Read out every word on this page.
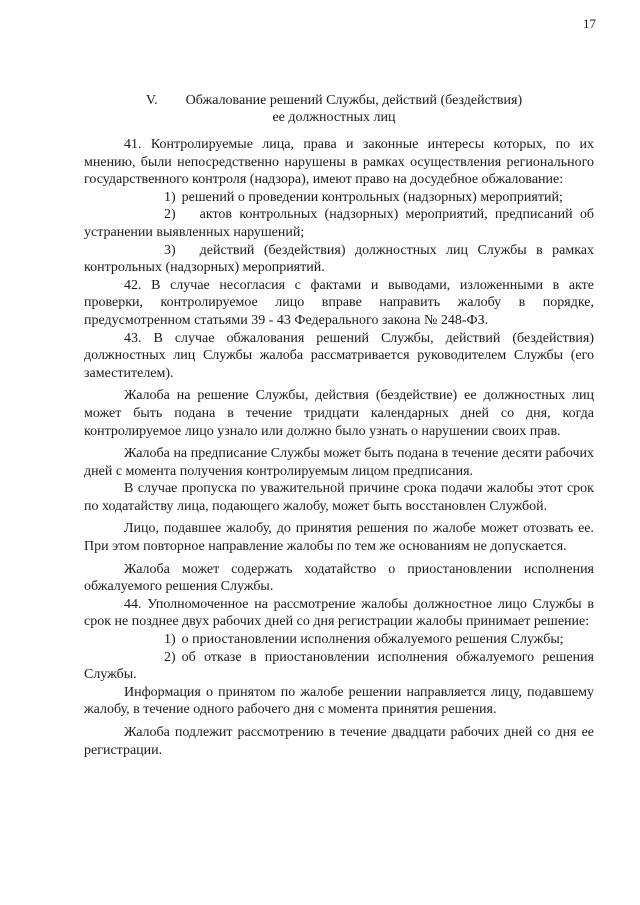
17
V. Обжалование решений Службы, действий (бездействия)
ее должностных лиц

41. Контролируемые лица, права и законные интересы которых, по их мнению, были непосредственно нарушены в рамках осуществления регионального государственного контроля (надзора), имеют право на досудебное обжалование:

1) решений о проведении контрольных (надзорных) мероприятий;

2) актов контрольных (надзорных) мероприятий, предписаний об устранении выявленных нарушений;

3) действий (бездействия) должностных лиц Службы в рамках контрольных (надзорных) мероприятий.

42. В случае несогласия с фактами и выводами, изложенными в акте проверки, контролируемое лицо вправе направить жалобу в порядке, предусмотренном статьями 39 - 43 Федерального закона № 248-ФЗ.

43. В случае обжалования решений Службы, действий (бездействия) должностных лиц Службы жалоба рассматривается руководителем Службы (его заместителем).

Жалоба на решение Службы, действия (бездействие) ее должностных лиц может быть подана в течение тридцати календарных дней со дня, когда контролируемое лицо узнало или должно было узнать о нарушении своих прав.

Жалоба на предписание Службы может быть подана в течение десяти рабочих дней с момента получения контролируемым лицом предписания.

В случае пропуска по уважительной причине срока подачи жалобы этот срок по ходатайству лица, подающего жалобу, может быть восстановлен Службой.

Лицо, подавшее жалобу, до принятия решения по жалобе может отозвать ее. При этом повторное направление жалобы по тем же основаниям не допускается.

Жалоба может содержать ходатайство о приостановлении исполнения обжалуемого решения Службы.

44. Уполномоченное на рассмотрение жалобы должностное лицо Службы в срок не позднее двух рабочих дней со дня регистрации жалобы принимает решение:

1) о приостановлении исполнения обжалуемого решения Службы;

2) об отказе в приостановлении исполнения обжалуемого решения Службы.

Информация о принятом по жалобе решении направляется лицу, подавшему жалобу, в течение одного рабочего дня с момента принятия решения.

Жалоба подлежит рассмотрению в течение двадцати рабочих дней со дня ее регистрации.
